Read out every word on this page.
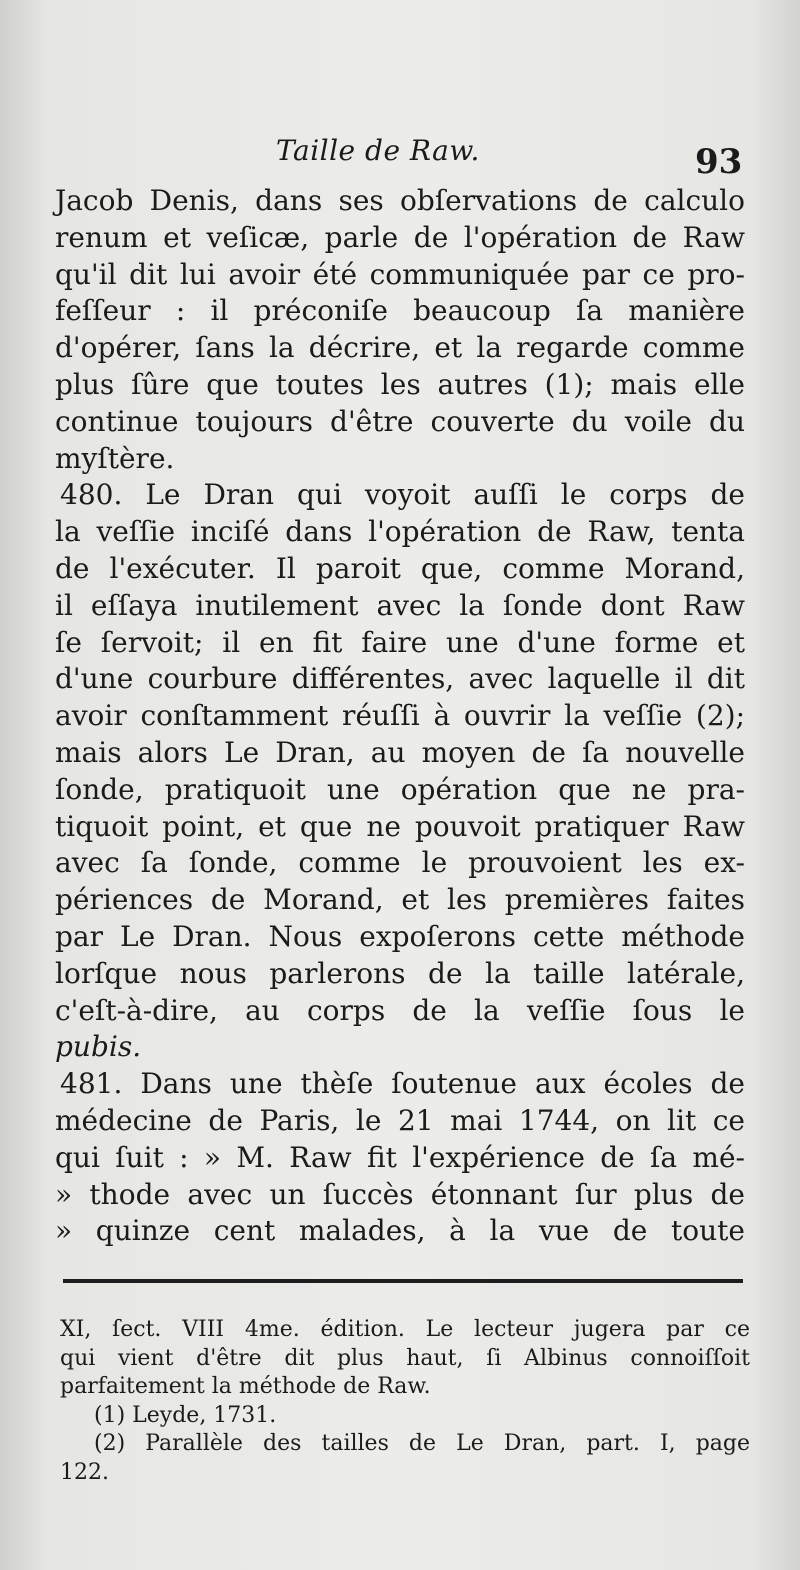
Taille de Raw.	93
Jacob Denis, dans ses obſervations de calculo
renum et veſicæ, parle de l'opération de Raw
qu'il dit lui avoir été communiquée par ce pro-
feſſeur : il préconiſe beaucoup ſa manière
d'opérer, ſans la décrire, et la regarde comme
plus ſûre que toutes les autres (1); mais elle
continue toujours d'être couverte du voile du
myſtère.
480. Le Dran qui voyoit auſſi le corps de
la veſſie inciſé dans l'opération de Raw, tenta
de l'exécuter. Il paroit que, comme Morand,
il eſſaya inutilement avec la ſonde dont Raw
ſe ſervoit; il en fit faire une d'une forme et
d'une courbure différentes, avec laquelle il dit
avoir conſtamment réuſſi à ouvrir la veſſie (2);
mais alors Le Dran, au moyen de ſa nouvelle
ſonde, pratiquoit une opération que ne pra-
tiquoit point, et que ne pouvoit pratiquer Raw
avec ſa ſonde, comme le prouvoient les ex-
périences de Morand, et les premières faites
par Le Dran. Nous expoſerons cette méthode
lorſque nous parlerons de la taille latérale,
c'eſt-à-dire, au corps de la veſſie ſous le
pubis.
481. Dans une thèſe ſoutenue aux écoles de
médecine de Paris, le 21 mai 1744, on lit ce
qui ſuit : » M. Raw fit l'expérience de ſa mé-
» thode avec un ſuccès étonnant ſur plus de
» quinze cent malades, à la vue de toute
XI, ſect. VIII 4me. édition. Le lecteur jugera par ce
qui vient d'être dit plus haut, ſi Albinus connoiſſoit
parfaitement la méthode de Raw.
(1) Leyde, 1731.
(2) Parallèle des tailles de Le Dran, part. I, page
122.
